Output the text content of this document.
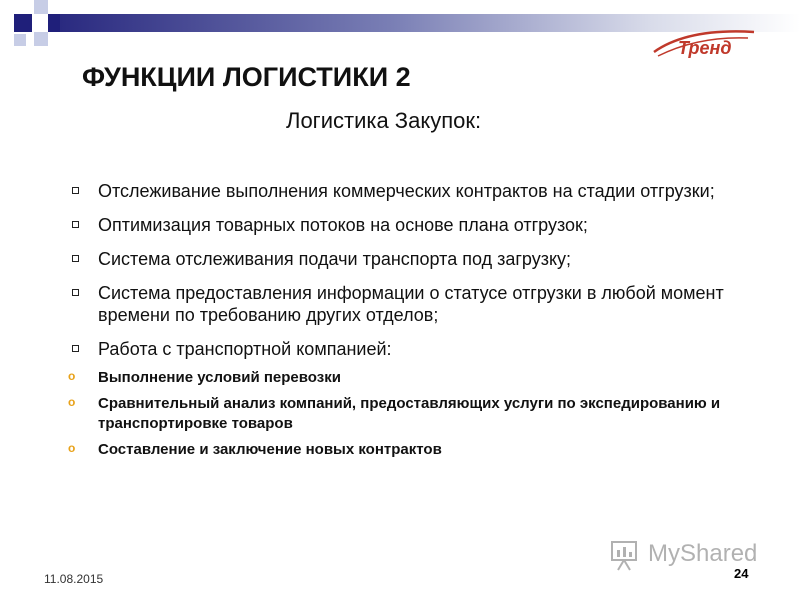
Тренд
ФУНКЦИИ ЛОГИСТИКИ 2
Логистика Закупок:
Отслеживание выполнения коммерческих контрактов на стадии отгрузки;
Оптимизация товарных потоков на основе плана отгрузок;
Система отслеживания подачи транспорта под загрузку;
Система предоставления информации о статусе отгрузки в любой момент времени по требованию других отделов;
Работа с транспортной компанией:
o Выполнение условий перевозки
o Сравнительный анализ компаний, предоставляющих услуги по экспедированию и транспортировке товаров
o Составление и заключение новых контрактов
MyShared
11.08.2015	24
